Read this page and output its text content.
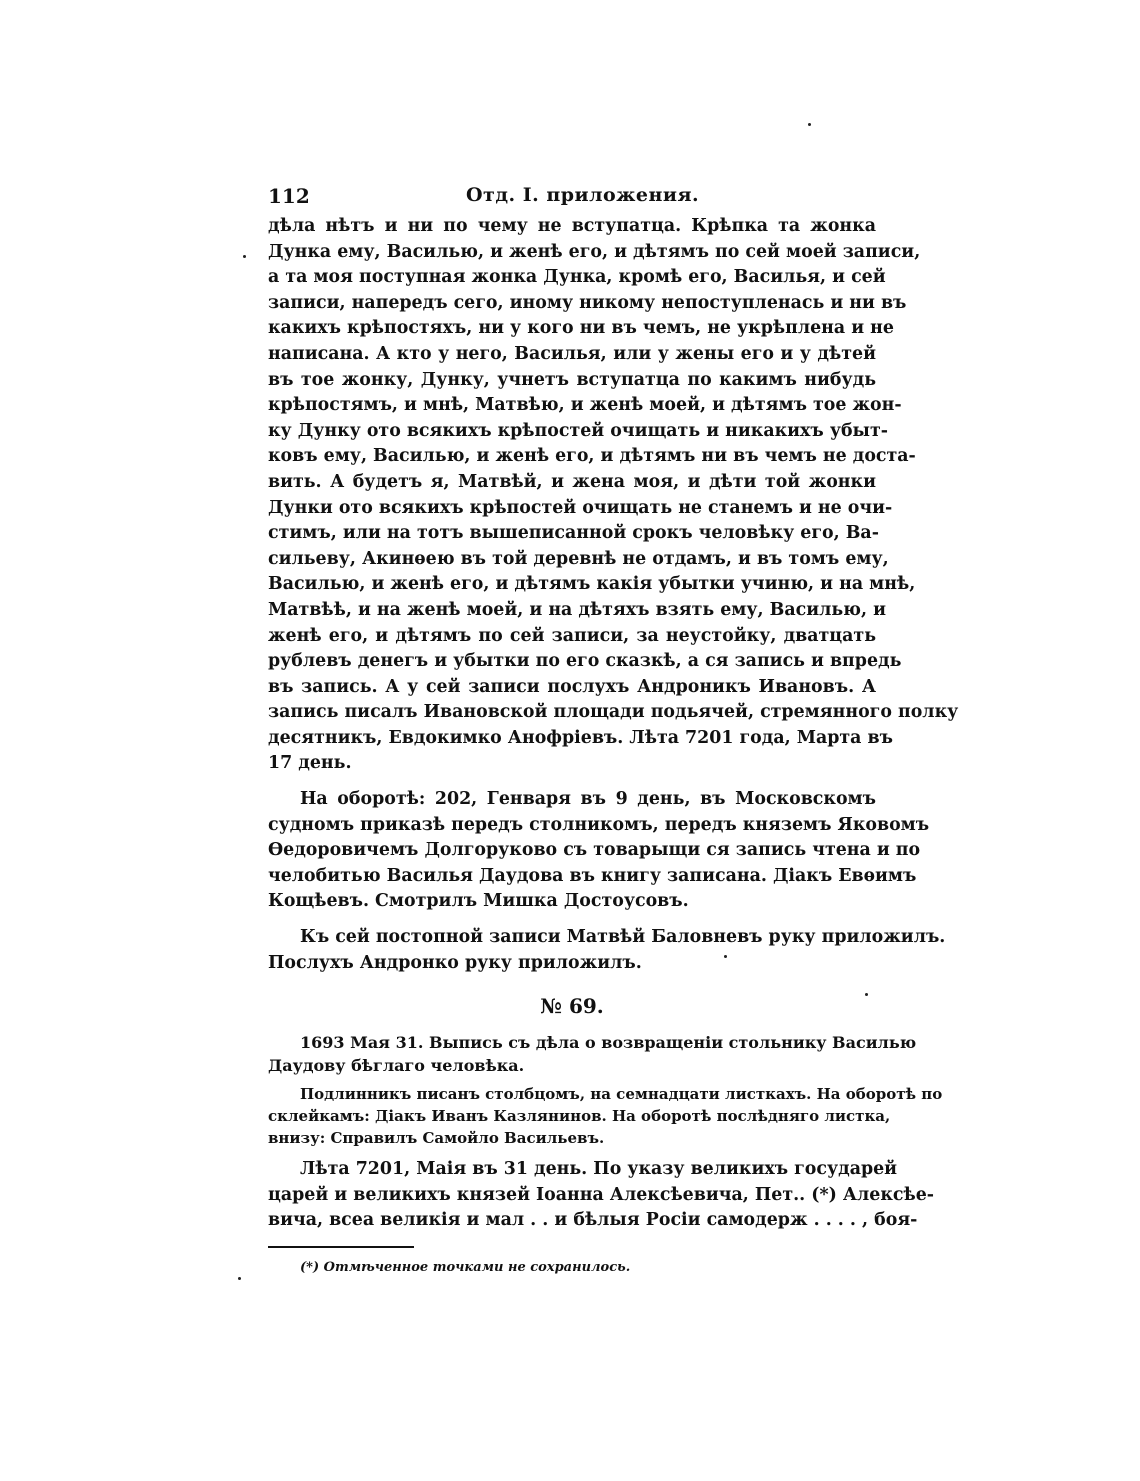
112	Отд. I. приложения.
дѣла нѣтъ и ни по чему не вступатца. Крѣпка та жонка
Дунка ему, Василью, и женѣ его, и дѣтямъ по сей моей записи,
а та моя поступная жонка Дунка, кромѣ его, Василья, и сей
записи, напередъ сего, иному никому непоступленась и ни въ
какихъ крѣпостяхъ, ни у кого ни въ чемъ, не укрѣплена и не
написана. А кто у него, Василья, или у жены его и у дѣтей
въ тое жонку, Дунку, учнетъ вступатца по какимъ нибудь
крѣпостямъ, и мнѣ, Матвѣю, и женѣ моей, и дѣтямъ тое жон-
ку Дунку ото всякихъ крѣпостей очищать и никакихъ убыт-
ковъ ему, Василью, и женѣ его, и дѣтямъ ни въ чемъ не доста-
вить. А будетъ я, Матвѣй, и жена моя, и дѣти той жонки
Дунки ото всякихъ крѣпостей очищать не станемъ и не очи-
стимъ, или на тотъ вышеписанной срокъ человѣку его, Ва-
сильеву, Акинѳею въ той деревнѣ не отдамъ, и въ томъ ему,
Василью, и женѣ его, и дѣтямъ какія убытки учиню, и на мнѣ,
Матвѣѣ, и на женѣ моей, и на дѣтяхъ взять ему, Василью, и
женѣ его, и дѣтямъ по сей записи, за неустойку, дватцать
рублевъ денегъ и убытки по его сказкѣ, а ся запись и впредь
въ запись. А у сей записи послухъ Андроникъ Ивановъ. А
запись писалъ Ивановской площади подьячей, стремянного полку
десятникъ, Евдокимко Анофріевъ. Лѣта 7201 года, Марта въ
17 день.
На оборотѣ: 202, Генваря въ 9 день, въ Московскомъ
судномъ приказѣ передъ столникомъ, передъ княземъ Яковомъ
Ѳедоровичемъ Долгоруково съ товарыщи ся запись чтена и по
челобитью Василья Даудова въ книгу записана. Діакъ Евѳимъ
Кощѣевъ. Смотрилъ Мишка Достоусовъ.
Къ сей постопной записи Матвѣй Баловневъ руку приложилъ.
Послухъ Андронко руку приложилъ.
№ 69.
1693 Мая 31. Выпись съ дѣла о возвращеніи стольнику Василью
Даудову бѣглаго человѣка.
Подлинникъ писанъ столбцомъ, на семнадцати листкахъ. На оборотѣ по
склейкамъ: Діакъ Иванъ Казлянинов. На оборотѣ послѣдняго листка,
внизу: Справилъ Самойло Васильевъ.
Лѣта 7201, Маія въ 31 день. По указу великихъ государей
царей и великихъ князей Іоанна Алексѣевича, Пет.. (*) Алексѣе-
вича, всеа великія и мал . . и бѣлыя Росіи самодерж . . . . , боя-
(*) Отмѣченное точками не сохранилось.
